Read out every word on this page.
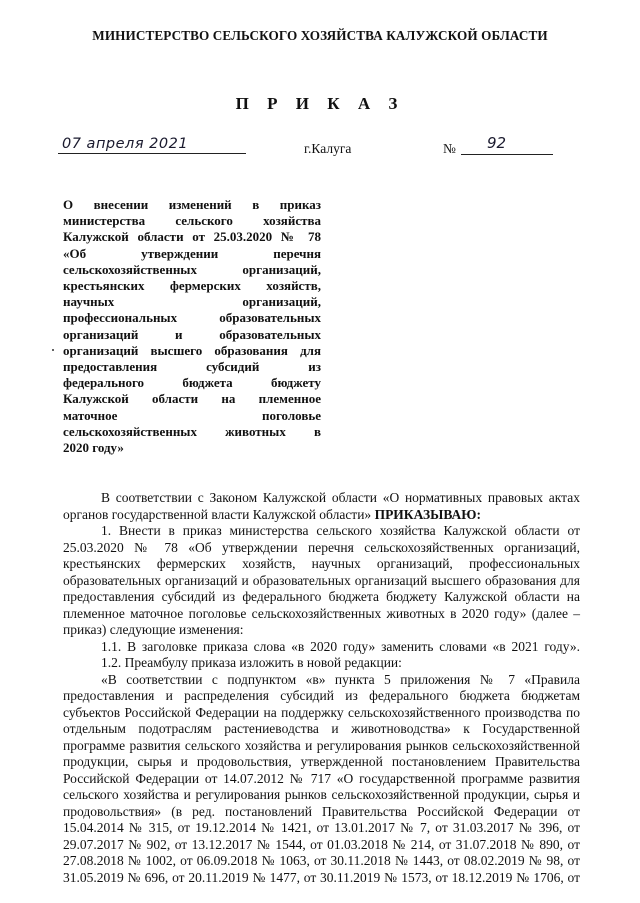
МИНИСТЕРСТВО СЕЛЬСКОГО ХОЗЯЙСТВА КАЛУЖСКОЙ ОБЛАСТИ
П Р И К А З
07 апреля 2021	г.Калуга	№ 92
О внесении изменений в приказ
министерства сельского хозяйства
Калужской области от 25.03.2020 № 78
«Об утверждении перечня
сельскохозяйственных организаций,
крестьянских фермерских хозяйств,
научных организаций,
профессиональных образовательных
организаций и образовательных
организаций высшего образования для
предоставления субсидий из
федерального бюджета бюджету
Калужской области на племенное
маточное поголовье
сельскохозяйственных животных в
2020 году»
В соответствии с Законом Калужской области «О нормативных правовых актах
органов государственной власти Калужской области» ПРИКАЗЫВАЮ:
1. Внести в приказ министерства сельского хозяйства Калужской области от
25.03.2020 № 78 «Об утверждении перечня сельскохозяйственных организаций,
крестьянских фермерских хозяйств, научных организаций, профессиональных
образовательных организаций и образовательных организаций высшего образования для
предоставления субсидий из федерального бюджета бюджету Калужской области на
племенное маточное поголовье сельскохозяйственных животных в 2020 году» (далее –
приказ) следующие изменения:
1.1. В заголовке приказа слова «в 2020 году» заменить словами «в 2021 году».
1.2. Преамбулу приказа изложить в новой редакции:
«В соответствии с подпунктом «в» пункта 5 приложения № 7 «Правила
предоставления и распределения субсидий из федерального бюджета бюджетам
субъектов Российской Федерации на поддержку сельскохозяйственного производства по
отдельным подотраслям растениеводства и животноводства» к Государственной
программе развития сельского хозяйства и регулирования рынков сельскохозяйственной
продукции, сырья и продовольствия, утвержденной постановлением Правительства
Российской Федерации от 14.07.2012 № 717 «О государственной программе развития
сельского хозяйства и регулирования рынков сельскохозяйственной продукции, сырья и
продовольствия» (в ред. постановлений Правительства Российской Федерации от
15.04.2014 № 315, от 19.12.2014 № 1421, от 13.01.2017 № 7, от 31.03.2017 № 396, от
29.07.2017 № 902, от 13.12.2017 № 1544, от 01.03.2018 № 214, от 31.07.2018 № 890, от
27.08.2018 № 1002, от 06.09.2018 № 1063, от 30.11.2018 № 1443, от 08.02.2019 № 98, от
31.05.2019 № 696, от 20.11.2019 № 1477, от 30.11.2019 № 1573, от 18.12.2019 № 1706, от
